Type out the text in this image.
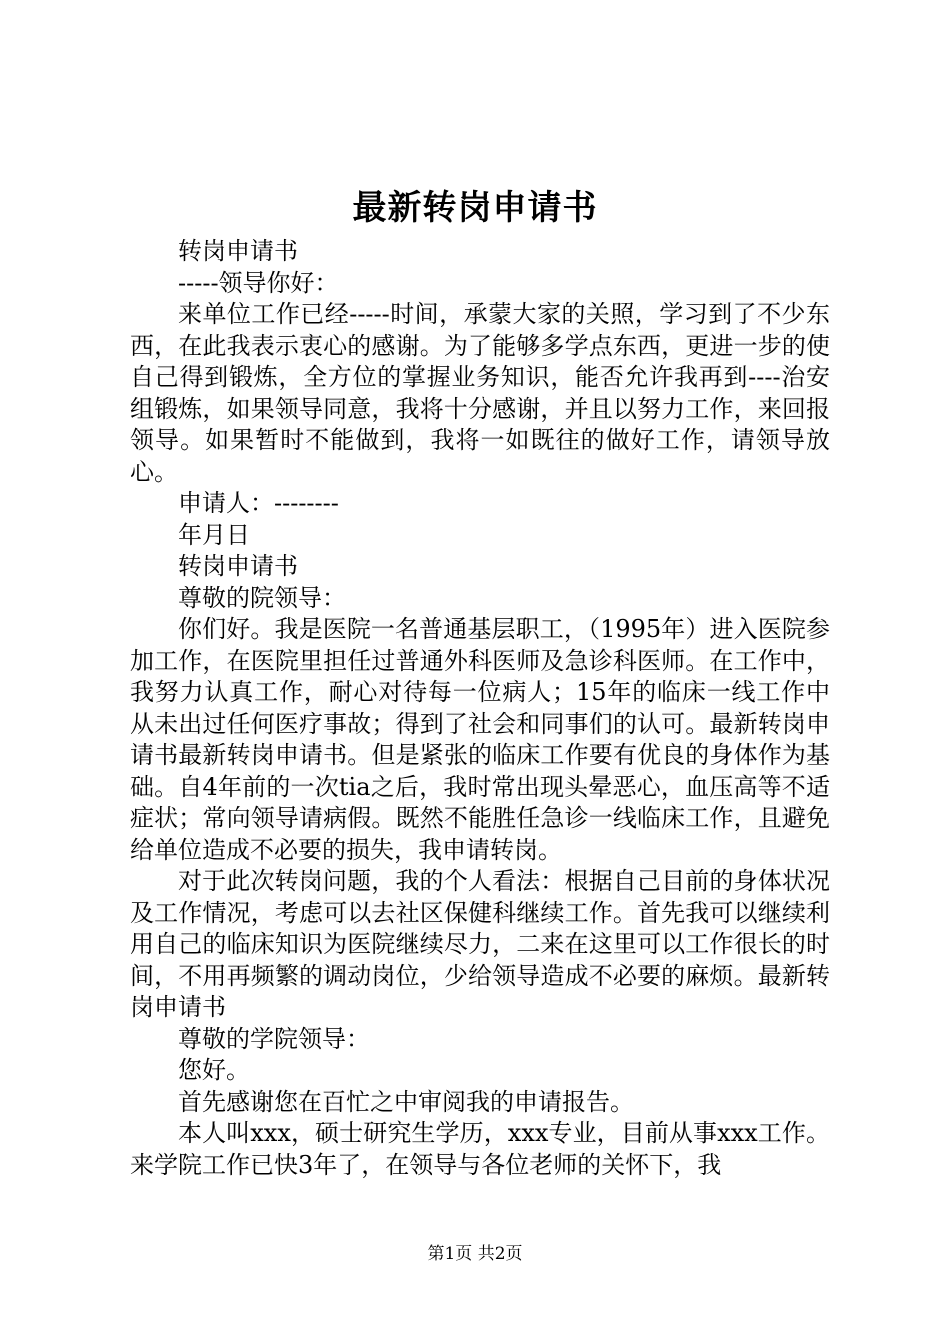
最新转岗申请书

转岗申请书

-----领导你好：

来单位工作已经-----时间，承蒙大家的关照，学习到了不少东西，在此我表示衷心的感谢。为了能够多学点东西，更进一步的使自己得到锻炼，全方位的掌握业务知识，能否允许我再到----治安组锻炼，如果领导同意，我将十分感谢，并且以努力工作，来回报领导。如果暂时不能做到，我将一如既往的做好工作，请领导放心。

申请人：--------

年月日

转岗申请书

尊敬的院领导：

你们好。我是医院一名普通基层职工，（1995年）进入医院参加工作，在医院里担任过普通外科医师及急诊科医师。在工作中，我努力认真工作，耐心对待每一位病人；15年的临床一线工作中从未出过任何医疗事故；得到了社会和同事们的认可。最新转岗申请书最新转岗申请书。但是紧张的临床工作要有优良的身体作为基础。自4年前的一次tia之后，我时常出现头晕恶心，血压高等不适症状；常向领导请病假。既然不能胜任急诊一线临床工作，且避免给单位造成不必要的损失，我申请转岗。

对于此次转岗问题，我的个人看法：根据自己目前的身体状况及工作情况，考虑可以去社区保健科继续工作。首先我可以继续利用自己的临床知识为医院继续尽力，二来在这里可以工作很长的时间，不用再频繁的调动岗位，少给领导造成不必要的麻烦。最新转岗申请书

尊敬的学院领导：

您好。

首先感谢您在百忙之中审阅我的申请报告。

本人叫xxx，硕士研究生学历，xxx专业，目前从事xxx工作。来学院工作已快3年了，在领导与各位老师的关怀下，我

第1页 共2页
